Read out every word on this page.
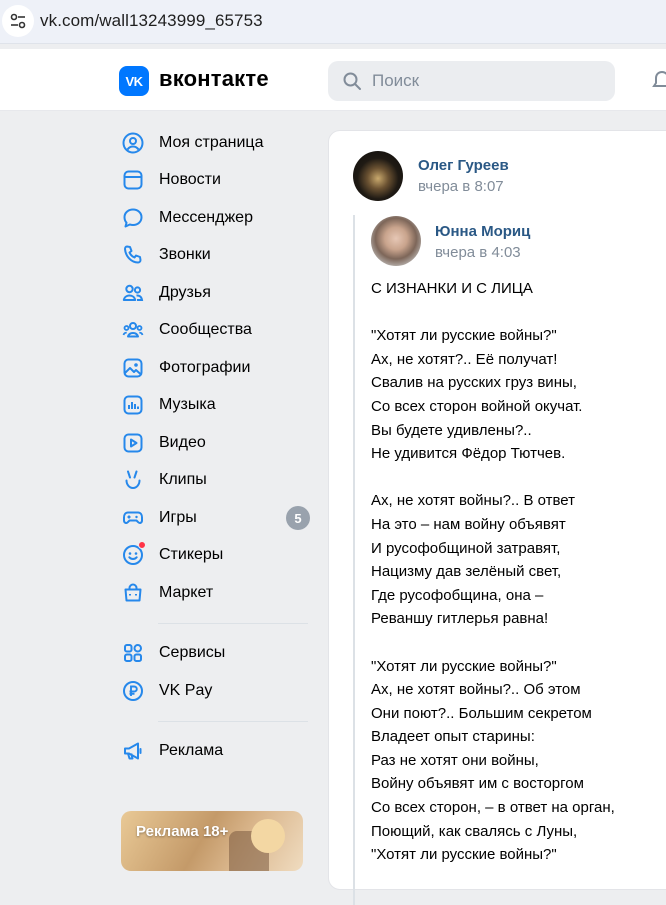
vk.com/wall13243999_65753
VK вконтакте
Поиск
Моя страница
Новости
Мессенджер
Звонки
Друзья
Сообщества
Фотографии
Музыка
Видео
Клипы
Игры	5
Стикеры
Маркет
Сервисы
VK Pay
Реклама
Реклама 18+
Олег Гуреев
вчера в 8:07
Юнна Мориц
вчера в 4:03
С ИЗНАНКИ И С ЛИЦА
"Хотят ли русские войны?"
Ах, не хотят?.. Её получат!
Свалив на русских груз вины,
Со всех сторон войной окучат.
Вы будете удивлены?..
Не удивится Фёдор Тютчев.
Ах, не хотят войны?.. В ответ
На это – нам войну объявят
И русофобщиной затравят,
Нацизму дав зелёный свет,
Где русофобщина, она –
Реваншу гитлерья равна!
"Хотят ли русские войны?"
Ах, не хотят войны?.. Об этом
Они поют?.. Большим секретом
Владеет опыт старины:
Раз не хотят они войны,
Войну объявят им с восторгом
Со всех сторон, – в ответ на орган,
Поющий, как свалясь с Луны,
"Хотят ли русские войны?"
